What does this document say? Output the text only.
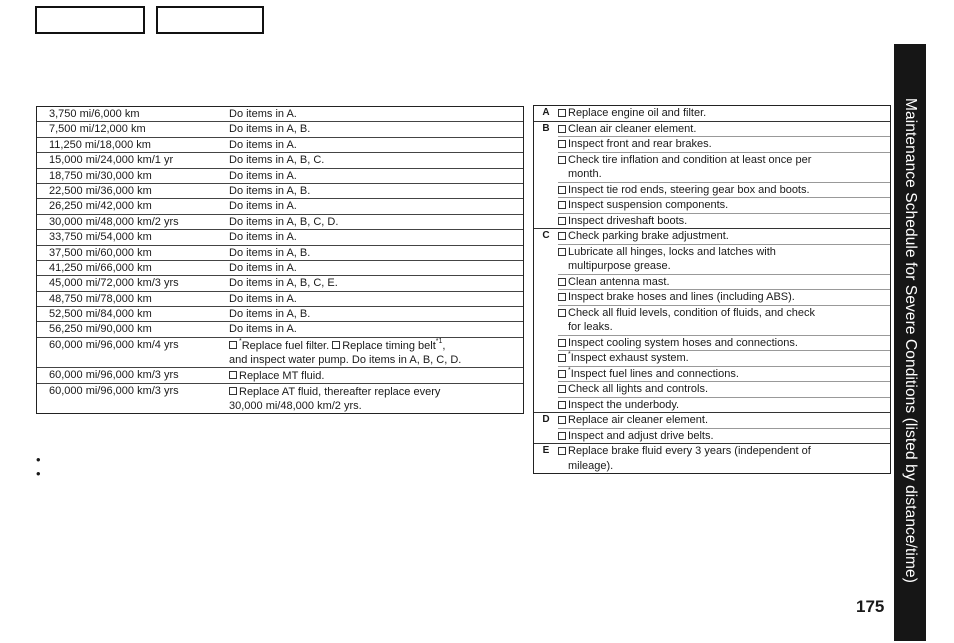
3,750 mi/6,000 km	Do items in A.
7,500 mi/12,000 km	Do items in A, B.
11,250 mi/18,000 km	Do items in A.
15,000 mi/24,000 km/1 yr	Do items in A, B, C.
18,750 mi/30,000 km	Do items in A.
22,500 mi/36,000 km	Do items in A, B.
26,250 mi/42,000 km	Do items in A.
30,000 mi/48,000 km/2 yrs	Do items in A, B, C, D.
33,750 mi/54,000 km	Do items in A.
37,500 mi/60,000 km	Do items in A, B.
41,250 mi/66,000 km	Do items in A.
45,000 mi/72,000 km/3 yrs	Do items in A, B, C, E.
48,750 mi/78,000 km	Do items in A.
52,500 mi/84,000 km	Do items in A, B.
56,250 mi/90,000 km	Do items in A.
60,000 mi/96,000 km/4 yrs	*Replace fuel filter. Replace timing belt$^{*1}$,
and inspect water pump. Do items in A, B, C, D.
60,000 mi/96,000 km/3 yrs	Replace MT fluid.
60,000 mi/96,000 km/3 yrs	Replace AT fluid, thereafter replace every
30,000 mi/48,000 km/2 yrs.
A	Replace engine oil and filter.
B	Clean air cleaner element.
Inspect front and rear brakes.
Check tire inflation and condition at least once per
month.
Inspect tie rod ends, steering gear box and boots.
Inspect suspension components.
Inspect driveshaft boots.
C	Check parking brake adjustment.
Lubricate all hinges, locks and latches with
multipurpose grease.
Clean antenna mast.
Inspect brake hoses and lines (including ABS).
Check all fluid levels, condition of fluids, and check
for leaks.
Inspect cooling system hoses and connections.
* Inspect exhaust system.
* Inspect fuel lines and connections.
Check all lights and controls.
Inspect the underbody.
D	Replace air cleaner element.
Inspect and adjust drive belts.
E	Replace brake fluid every 3 years (independent of
mileage).
•
•	Maintenance Schedule for Severe Conditions (listed by distance/time)
175
